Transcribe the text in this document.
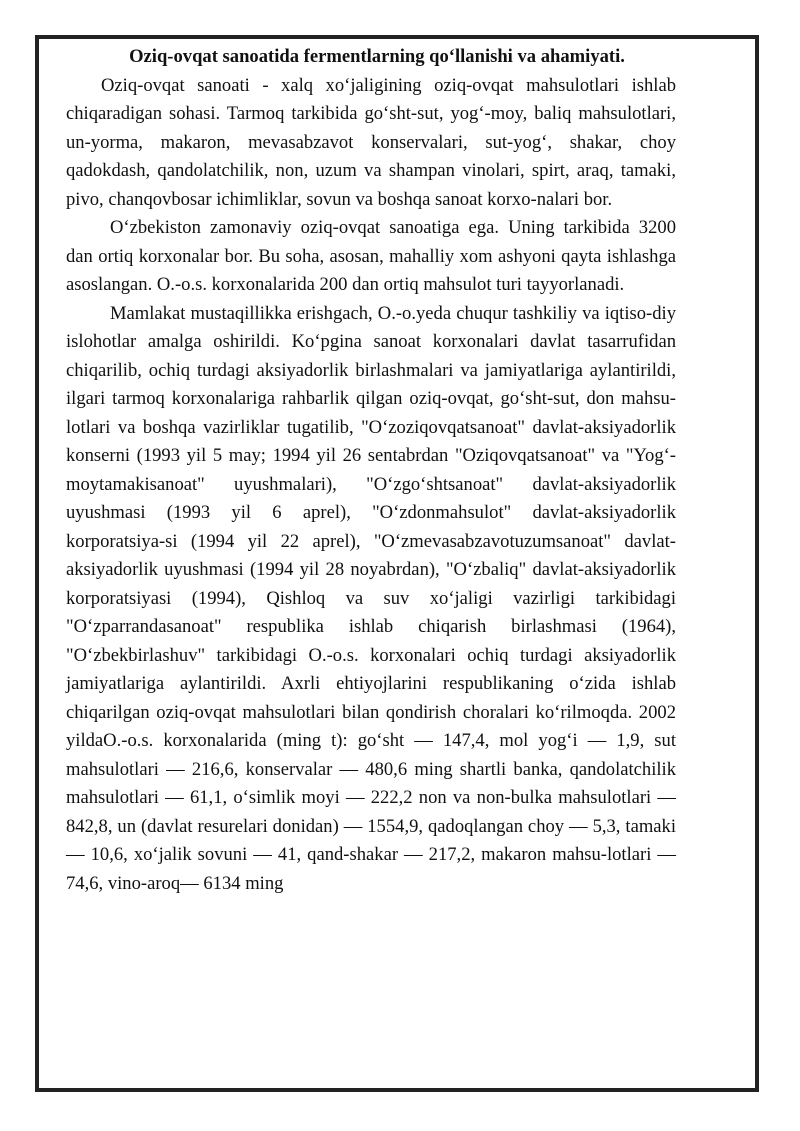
Oziq-ovqat sanoatida fermentlarning qo‘llanishi va ahamiyati.

Oziq-ovqat sanoati - xalq xo‘jaligining oziq-ovqat mahsulotlari ishlab chiqaradigan sohasi. Tarmoq tarkibida go‘sht-sut, yog‘-moy, baliq mahsulotlari, un-yorma, makaron, mevasabzavot konservalari, sut-yog‘, shakar, choy qadokdash, qandolatchilik, non, uzum va shampan vinolari, spirt, araq, tamaki, pivo, chanqovbosar ichimliklar, sovun va boshqa sanoat korxo-nalari bor.

O‘zbekiston zamonaviy oziq-ovqat sanoatiga ega. Uning tarkibida 3200 dan ortiq korxonalar bor. Bu soha, asosan, mahalliy xom ashyoni qayta ishlashga asoslangan. O.-o.s. korxonalarida 200 dan ortiq mahsulot turi tayyorlanadi.

Mamlakat mustaqillikka erishgach, O.-o.yeda chuqur tashkiliy va iqtiso-diy islohotlar amalga oshirildi. Ko‘pgina sanoat korxonalari davlat tasarrufidan chiqarilib, ochiq turdagi aksiyadorlik birlashmalari va jamiyatlariga aylantirildi, ilgari tarmoq korxonalariga rahbarlik qilgan oziq-ovqat, go‘sht-sut, don mahsu-lotlari va boshqa vazirliklar tugatilib, "O‘zoziqovqatsanoat" davlat-aksiyadorlik konserni (1993 yil 5 may; 1994 yil 26 sentabrdan "Oziqovqatsanoat" va "Yog‘-moytamakisanoat" uyushmalari), "O‘zgo‘shtsanoat" davlat-aksiyadorlik uyushmasi (1993 yil 6 aprel), "O‘zdonmahsulot" davlat-aksiyadorlik korporatsiya-si (1994 yil 22 aprel), "O‘zmevasabzavotuzumsanoat" davlat-aksiyadorlik uyushmasi (1994 yil 28 noyabrdan), "O‘zbaliq" davlat-aksiyadorlik korporatsiyasi (1994), Qishloq va suv xo‘jaligi vazirligi tarkibidagi "O‘zparrandasanoat" respublika ishlab chiqarish birlashmasi (1964), "O‘zbekbirlashuv" tarkibidagi O.-o.s. korxonalari ochiq turdagi aksiyadorlik jamiyatlariga aylantirildi. Axrli ehtiyojlarini respublikaning o‘zida ishlab chiqarilgan oziq-ovqat mahsulotlari bilan qondirish choralari ko‘rilmoqda. 2002 yildaO.-o.s. korxonalarida (ming t): go‘sht — 147,4, mol yog‘i — 1,9, sut mahsulotlari — 216,6, konservalar — 480,6 ming shartli banka, qandolatchilik mahsulotlari — 61,1, o‘simlik moyi — 222,2 non va non-bulka mahsulotlari — 842,8, un (davlat resurelari donidan) — 1554,9, qadoqlangan choy — 5,3, tamaki — 10,6, xo‘jalik sovuni — 41, qand-shakar — 217,2, makaron mahsu-lotlari — 74,6, vino-aroq— 6134 ming
